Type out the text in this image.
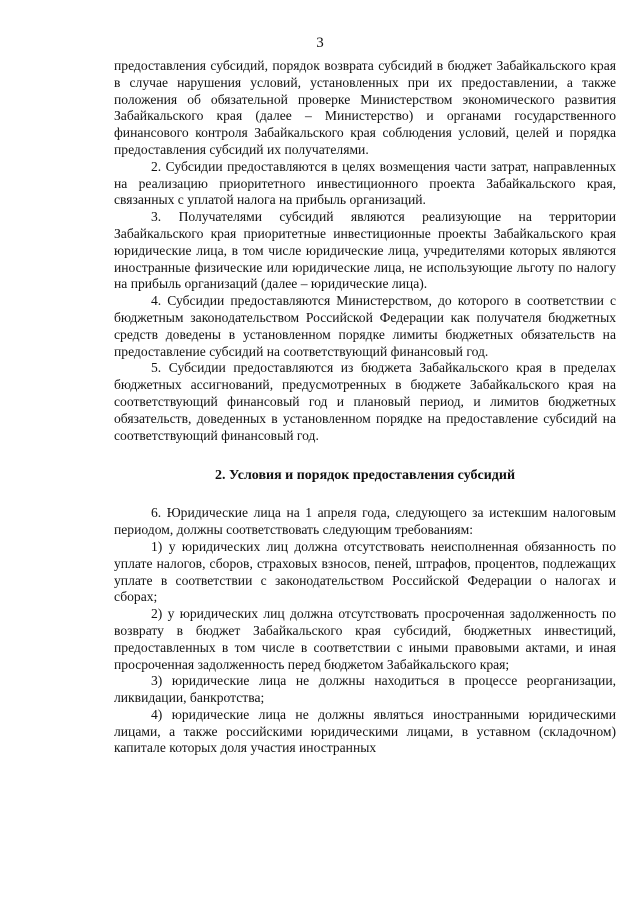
3

предоставления субсидий, порядок возврата субсидий в бюджет Забайкальского края в случае нарушения условий, установленных при их предоставлении, а также положения об обязательной проверке Министерством экономического развития Забайкальского края (далее – Министерство) и органами государственного финансового контроля Забайкальского края соблюдения условий, целей и порядка предоставления субсидий их получателями.

2. Субсидии предоставляются в целях возмещения части затрат, направленных на реализацию приоритетного инвестиционного проекта Забайкальского края, связанных с уплатой налога на прибыль организаций.

3. Получателями субсидий являются реализующие на территории Забайкальского края приоритетные инвестиционные проекты Забайкальского края юридические лица, в том числе юридические лица, учредителями которых являются иностранные физические или юридические лица, не использующие льготу по налогу на прибыль организаций (далее – юридические лица).

4. Субсидии предоставляются Министерством, до которого в соответствии с бюджетным законодательством Российской Федерации как получателя бюджетных средств доведены в установленном порядке лимиты бюджетных обязательств на предоставление субсидий на соответствующий финансовый год.

5. Субсидии предоставляются из бюджета Забайкальского края в пределах бюджетных ассигнований, предусмотренных в бюджете Забайкальского края на соответствующий финансовый год и плановый период, и лимитов бюджетных обязательств, доведенных в установленном порядке на предоставление субсидий на соответствующий финансовый год.

2. Условия и порядок предоставления субсидий

6. Юридические лица на 1 апреля года, следующего за истекшим налоговым периодом, должны соответствовать следующим требованиям:

1) у юридических лиц должна отсутствовать неисполненная обязанность по уплате налогов, сборов, страховых взносов, пеней, штрафов, процентов, подлежащих уплате в соответствии с законодательством Российской Федерации о налогах и сборах;

2) у юридических лиц должна отсутствовать просроченная задолженность по возврату в бюджет Забайкальского края субсидий, бюджетных инвестиций, предоставленных в том числе в соответствии с иными правовыми актами, и иная просроченная задолженность перед бюджетом Забайкальского края;

3) юридические лица не должны находиться в процессе реорганизации, ликвидации, банкротства;

4) юридические лица не должны являться иностранными юридическими лицами, а также российскими юридическими лицами, в уставном (складочном) капитале которых доля участия иностранных
